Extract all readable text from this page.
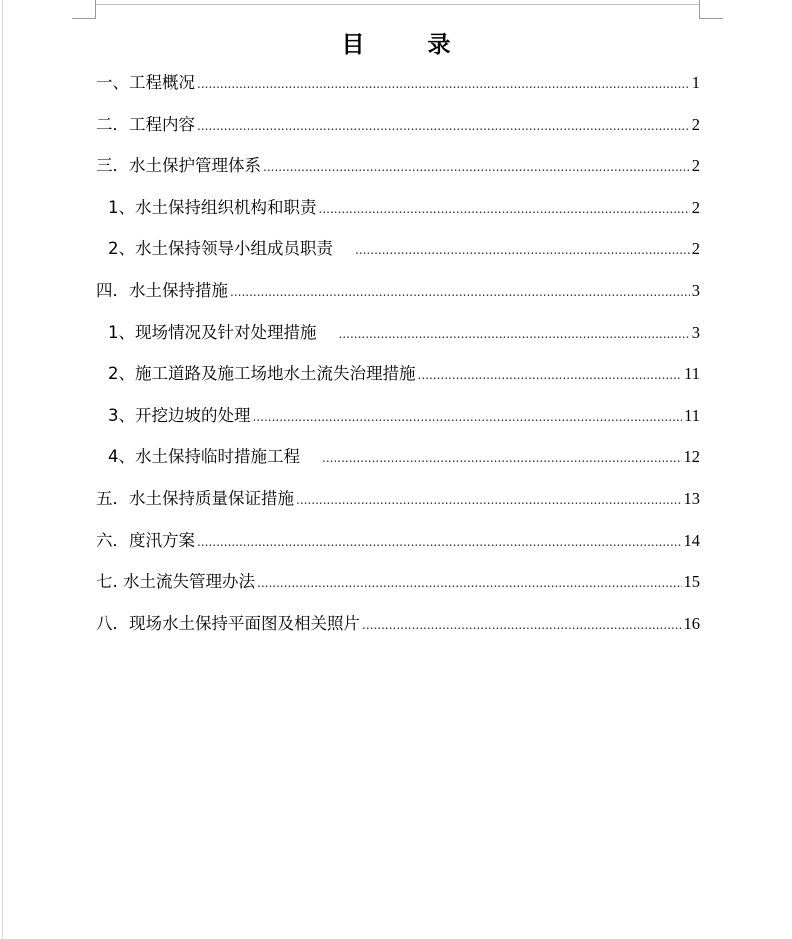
目　录
一、工程概况 .....	1
二．工程内容 .....	2
三．水土保护管理体系 .....	2
1、水土保持组织机构和职责 .....	2
2、水土保持领导小组成员职责 .....	2
四．水土保持措施 .....	3
1、现场情况及针对处理措施 .....	3
2、施工道路及施工场地水土流失治理措施 .....	11
3、开挖边坡的处理 .....	11
4、水土保持临时措施工程 .....	12
五．水土保持质量保证措施 .....	13
六．度汛方案 .....	14
七. 水土流失管理办法 .....	15
八．现场水土保持平面图及相关照片 .....	16
